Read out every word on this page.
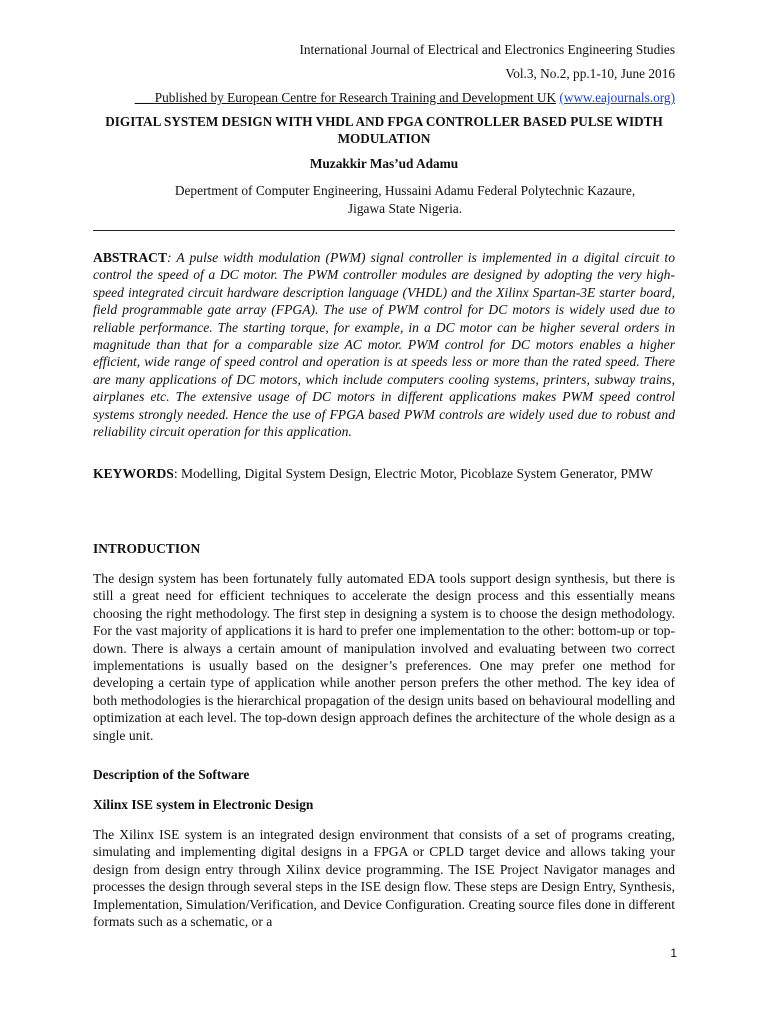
International Journal of Electrical and Electronics Engineering Studies
Vol.3, No.2, pp.1-10, June 2016
___Published by European Centre for Research Training and Development UK (www.eajournals.org)
DIGITAL SYSTEM DESIGN WITH VHDL AND FPGA CONTROLLER BASED PULSE WIDTH MODULATION
Muzakkir Mas’ud Adamu
Depertment of Computer Engineering, Hussaini Adamu Federal Polytechnic Kazaure, Jigawa State Nigeria.

ABSTRACT: A pulse width modulation (PWM) signal controller is implemented in a digital circuit to control the speed of a DC motor. The PWM controller modules are designed by adopting the very high-speed integrated circuit hardware description language (VHDL) and the Xilinx Spartan-3E starter board, field programmable gate array (FPGA). The use of PWM control for DC motors is widely used due to reliable performance. The starting torque, for example, in a DC motor can be higher several orders in magnitude than that for a comparable size AC motor. PWM control for DC motors enables a higher efficient, wide range of speed control and operation is at speeds less or more than the rated speed. There are many applications of DC motors, which include computers cooling systems, printers, subway trains, airplanes etc. The extensive usage of DC motors in different applications makes PWM speed control systems strongly needed. Hence the use of FPGA based PWM controls are widely used due to robust and reliability circuit operation for this application.

KEYWORDS: Modelling, Digital System Design, Electric Motor, Picoblaze System Generator, PMW

INTRODUCTION

The design system has been fortunately fully automated EDA tools support design synthesis, but there is still a great need for efficient techniques to accelerate the design process and this essentially means choosing the right methodology. The first step in designing a system is to choose the design methodology. For the vast majority of applications it is hard to prefer one implementation to the other: bottom-up or top-down. There is always a certain amount of manipulation involved and evaluating between two correct implementations is usually based on the designer’s preferences. One may prefer one method for developing a certain type of application while another person prefers the other method. The key idea of both methodologies is the hierarchical propagation of the design units based on behavioural modelling and optimization at each level. The top-down design approach defines the architecture of the whole design as a single unit.

Description of the Software
Xilinx ISE system in Electronic Design

The Xilinx ISE system is an integrated design environment that consists of a set of programs creating, simulating and implementing digital designs in a FPGA or CPLD target device and allows taking your design from design entry through Xilinx device programming. The ISE Project Navigator manages and processes the design through several steps in the ISE design flow. These steps are Design Entry, Synthesis, Implementation, Simulation/Verification, and Device Configuration. Creating source files done in different formats such as a schematic, or a

1
